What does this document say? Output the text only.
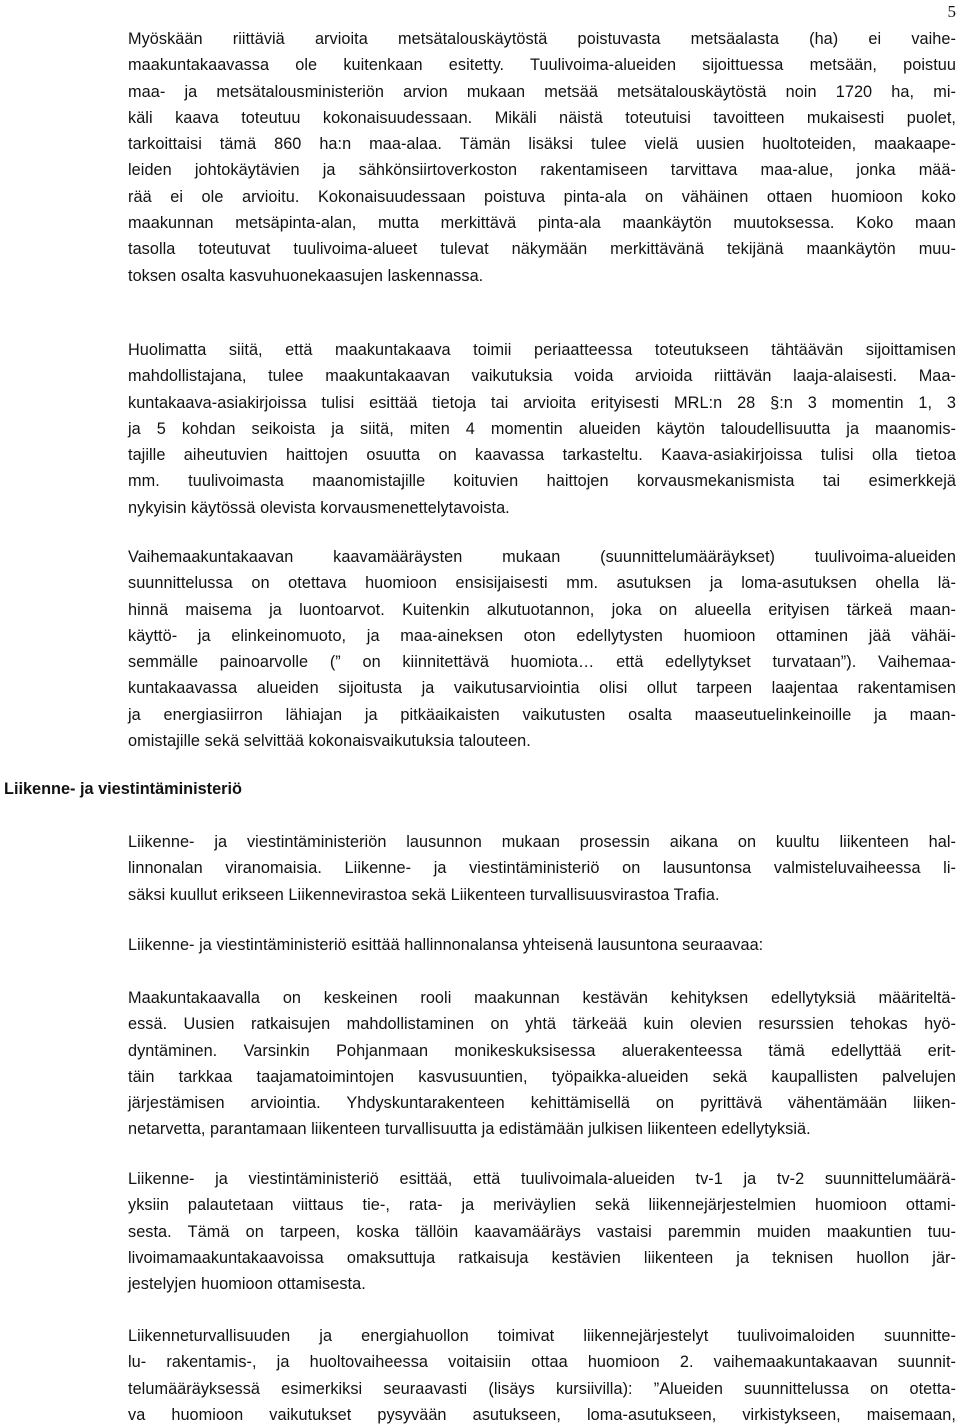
5
Liikenne- ja viestintäministeriö
Myöskään riittäviä arvioita metsätalouskäytöstä poistuvasta metsäalasta (ha) ei vaihe-
maakuntakaavassa ole kuitenkaan esitetty. Tuulivoima-alueiden sijoittuessa metsään, poistuu
maa- ja metsätalousministeriön arvion mukaan metsää metsätalouskäytöstä noin 1720 ha, mi-
käli kaava toteutuu kokonaisuudessaan. Mikäli näistä toteutuisi tavoitteen mukaisesti puolet,
tarkoittaisi tämä 860 ha:n maa-alaa. Tämän lisäksi tulee vielä uusien huoltoteiden, maakaape-
leiden johtokäytävien ja sähkönsiirtoverkoston rakentamiseen tarvittava maa-alue, jonka mää-
rää ei ole arvioitu. Kokonaisuudessaan poistuva pinta-ala on vähäinen ottaen huomioon koko
maakunnan metsäpinta-alan, mutta merkittävä pinta-ala maankäytön muutoksessa. Koko maan
tasolla toteutuvat tuulivoima-alueet tulevat näkymään merkittävänä tekijänä maankäytön muu-
toksen osalta kasvuhuonekaasujen laskennassa.
Huolimatta siitä, että maakuntakaava toimii periaatteessa toteutukseen tähtäävän sijoittamisen
mahdollistajana, tulee maakuntakaavan vaikutuksia voida arvioida riittävän laaja-alaisesti. Maa-
kuntakaava-asiakirjoissa tulisi esittää tietoja tai arvioita erityisesti MRL:n 28 §:n 3 momentin 1, 3
ja 5 kohdan seikoista ja siitä, miten 4 momentin alueiden käytön taloudellisuutta ja maanomis-
tajille aiheutuvien haittojen osuutta on kaavassa tarkasteltu. Kaava-asiakirjoissa tulisi olla tietoa
mm. tuulivoimasta maanomistajille koituvien haittojen korvausmekanismista tai esimerkkejä
nykyisin käytössä olevista korvausmenettelytavoista.
Vaihemaakuntakaavan kaavamääräysten mukaan (suunnittelumääräykset) tuulivoima-alueiden
suunnittelussa on otettava huomioon ensisijaisesti mm. asutuksen ja loma-asutuksen ohella lä-
hinnä maisema ja luontoarvot. Kuitenkin alkutuotannon, joka on alueella erityisen tärkeä maan-
käyttö- ja elinkeinomuoto, ja maa-aineksen oton edellytysten huomioon ottaminen jää vähäi-
semmälle painoarvolle (” on kiinnitettävä huomiota… että edellytykset turvataan”). Vaihemaa-
kuntakaavassa alueiden sijoitusta ja vaikutusarviointia olisi ollut tarpeen laajentaa rakentamisen
ja energiasiirron lähiajan ja pitkäaikaisten vaikutusten osalta maaseutuelinkeinoille ja maan-
omistajille sekä selvittää kokonaisvaikutuksia talouteen.
Liikenne- ja viestintäministeriön lausunnon mukaan prosessin aikana on kuultu liikenteen hal-
linnonalan viranomaisia. Liikenne- ja viestintäministeriö on lausuntonsa valmisteluvaiheessa li-
säksi kuullut erikseen Liikennevirastoa sekä Liikenteen turvallisuusvirastoa Trafia.
Liikenne- ja viestintäministeriö esittää hallinnonalansa yhteisenä lausuntona seuraavaa:
Maakuntakaavalla on keskeinen rooli maakunnan kestävän kehityksen edellytyksiä määriteltä-
essä. Uusien ratkaisujen mahdollistaminen on yhtä tärkeää kuin olevien resurssien tehokas hyö-
dyntäminen. Varsinkin Pohjanmaan monikeskuksisessa aluerakenteessa tämä edellyttää erit-
täin tarkkaa taajamatoimintojen kasvusuuntien, työpaikka-alueiden sekä kaupallisten palvelujen
järjestämisen arviointia. Yhdyskuntarakenteen kehittämisellä on pyrittävä vähentämään liiken-
netarvetta, parantamaan liikenteen turvallisuutta ja edistämään julkisen liikenteen edellytyksiä.
Liikenne- ja viestintäministeriö esittää, että tuulivoimala-alueiden tv-1 ja tv-2 suunnittelumäärä-
yksiin palautetaan viittaus tie-, rata- ja meriväylien sekä liikennejärjestelmien huomioon ottami-
sesta. Tämä on tarpeen, koska tällöin kaavamääräys vastaisi paremmin muiden maakuntien tuu-
livoimamaakuntakaavoissa omaksuttuja ratkaisuja kestävien liikenteen ja teknisen huollon jär-
jestelyjen huomioon ottamisesta.
Liikenneturvallisuuden ja energiahuollon toimivat liikennejärjestelyt tuulivoimaloiden suunnitte-
lu- rakentamis-, ja huoltovaiheessa voitaisiin ottaa huomioon 2. vaihemaakuntakaavan suunnit-
telumääräyksessä esimerkiksi seuraavasti (lisäys kursiivilla): ”Alueiden suunnittelussa on otetta-
va huomioon vaikutukset pysyvään asutukseen, loma-asutukseen, virkistykseen, maisemaan,
